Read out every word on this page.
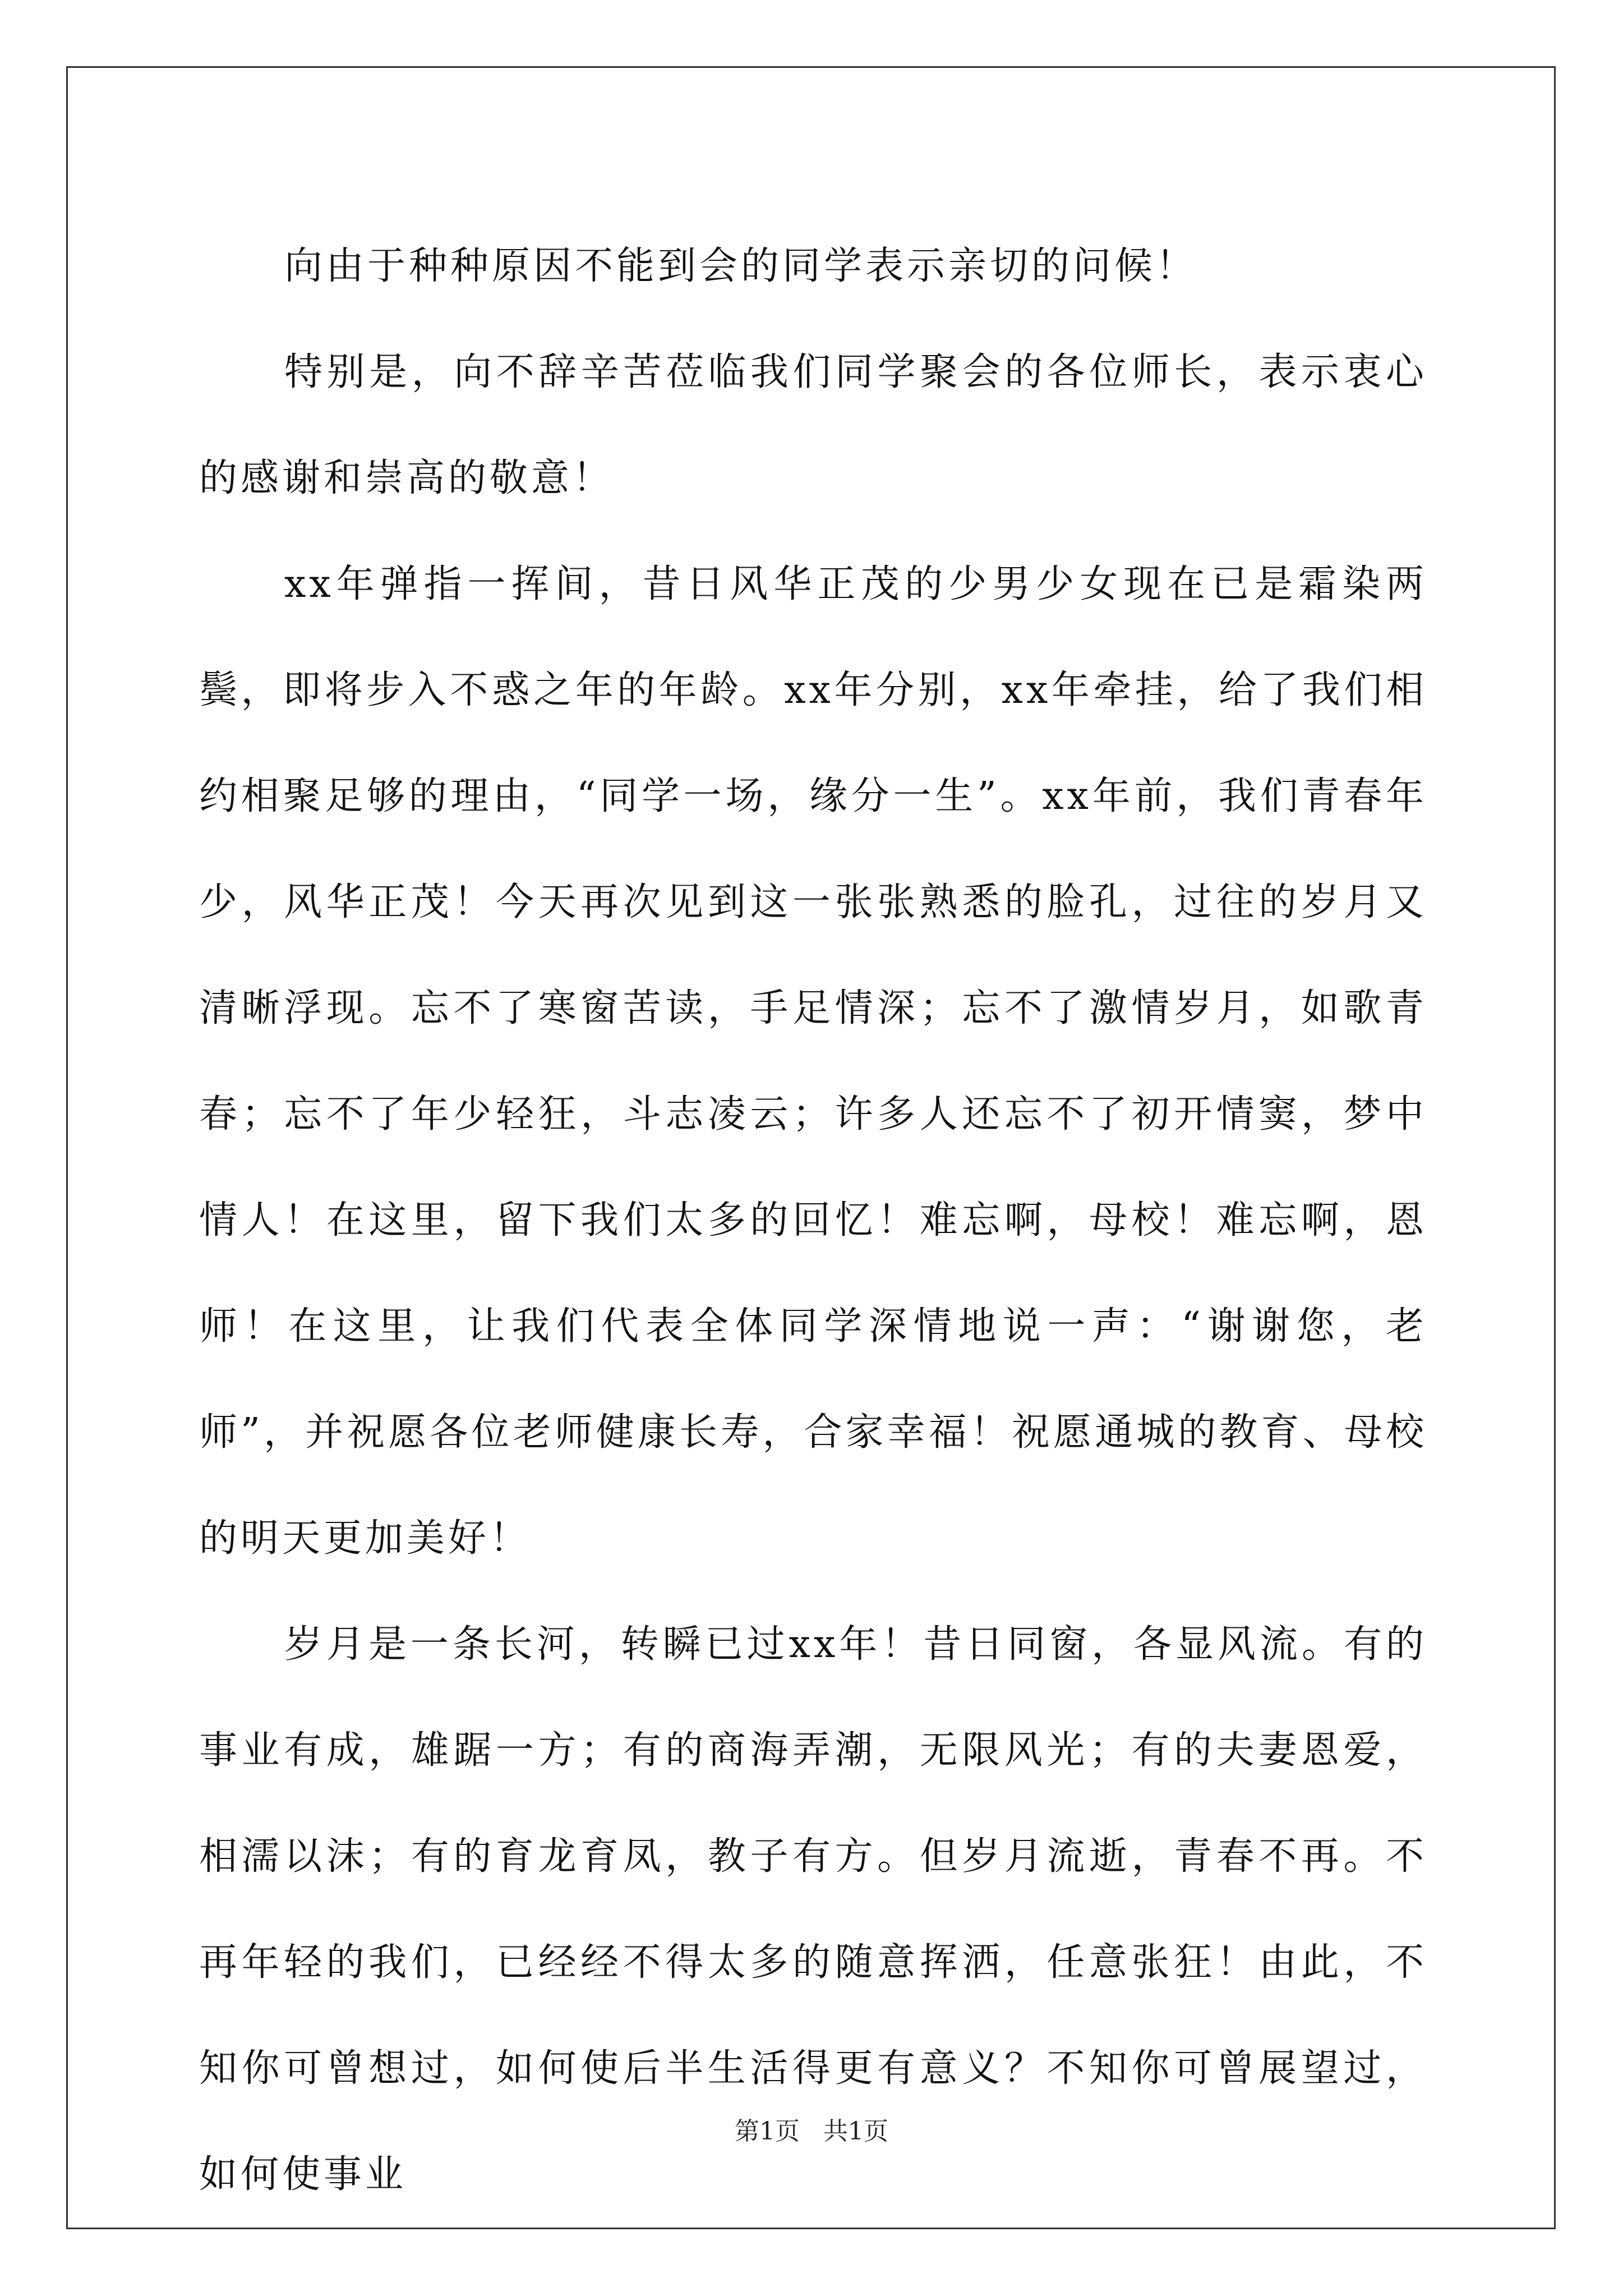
向由于种种原因不能到会的同学表示亲切的问候！

特别是，向不辞辛苦莅临我们同学聚会的各位师长，表示衷心的感谢和崇高的敬意！

xx年弹指一挥间，昔日风华正茂的少男少女现在已是霜染两鬓，即将步入不惑之年的年龄。xx年分别，xx年牵挂，给了我们相约相聚足够的理由，“同学一场，缘分一生”。xx年前，我们青春年少，风华正茂！今天再次见到这一张张熟悉的脸孔，过往的岁月又清晰浮现。忘不了寒窗苦读，手足情深；忘不了激情岁月，如歌青春；忘不了年少轻狂，斗志凌云；许多人还忘不了初开情窦，梦中情人！在这里，留下我们太多的回忆！难忘啊，母校！难忘啊，恩师！在这里，让我们代表全体同学深情地说一声：“谢谢您，老师”，并祝愿各位老师健康长寿，合家幸福！祝愿通城的教育、母校的明天更加美好！

岁月是一条长河，转瞬已过xx年！昔日同窗，各显风流。有的事业有成，雄踞一方；有的商海弄潮，无限风光；有的夫妻恩爱，相濡以沫；有的育龙育凤，教子有方。但岁月流逝，青春不再。不再年轻的我们，已经经不得太多的随意挥洒，任意张狂！由此，不知你可曾想过，如何使后半生活得更有意义？不知你可曾展望过，如何使事业

第1页   共1页
